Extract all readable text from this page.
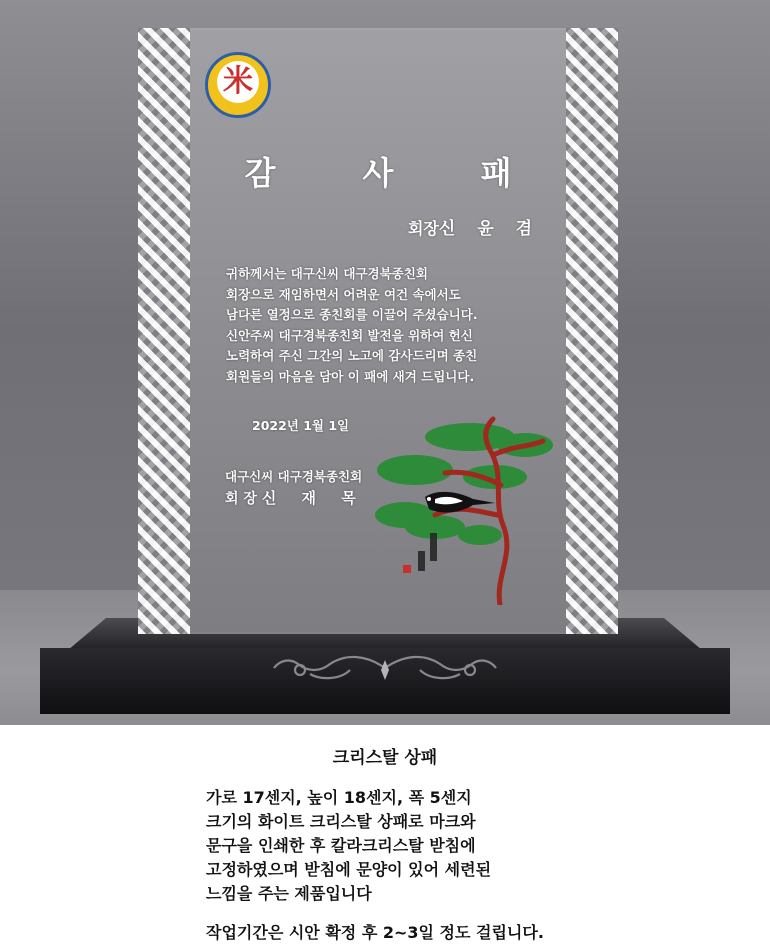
米
감 사 패
회장신 윤 겸
귀하께서는 대구신씨 대구경북종친회
회장으로 재임하면서 어려운 여건 속에서도
남다른 열정으로 종친회를 이끌어 주셨습니다.
신안주씨 대구경북종친회 발전을 위하여 헌신
노력하여 주신 그간의 노고에 감사드리며 종친
회원들의 마음을 담아 이 패에 새겨 드립니다.
2022년 1월 1일
대구신씨 대구경북종친회
회 장 신 재 목
크리스탈 상패
가로 17센지, 높이 18센지, 폭 5센지
크기의 화이트 크리스탈 상패로 마크와
문구을 인쇄한 후 칼라크리스탈 받침에
고정하였으며 받침에 문양이 있어 세련된
느낌을 주는 제품입니다
작업기간은 시안 확정 후 2~3일 정도 걸립니다.
